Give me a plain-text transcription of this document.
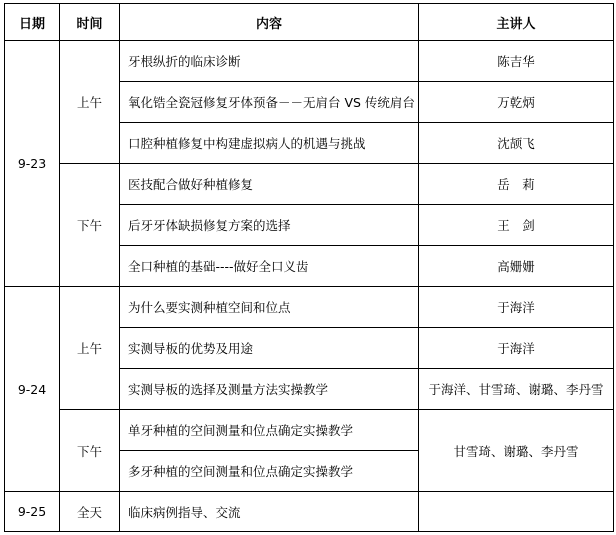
日期	时间	内容	主讲人
9-23	上午	牙根纵折的临床诊断	陈吉华
		氧化锆全瓷冠修复牙体预备－－无肩台 VS 传统肩台	万乾炳
		口腔种植修复中构建虚拟病人的机遇与挑战	沈颉飞
	下午	医技配合做好种植修复	岳　莉
		后牙牙体缺损修复方案的选择	王　剑
		全口种植的基础----做好全口义齿	高姗姗
9-24	上午	为什么要实测种植空间和位点	于海洋
		实测导板的优势及用途	于海洋
		实测导板的选择及测量方法实操教学	于海洋、甘雪琦、谢璐、李丹雪
	下午	单牙种植的空间测量和位点确定实操教学	甘雪琦、谢璐、李丹雪
		多牙种植的空间测量和位点确定实操教学	
9-25	全天	临床病例指导、交流	
